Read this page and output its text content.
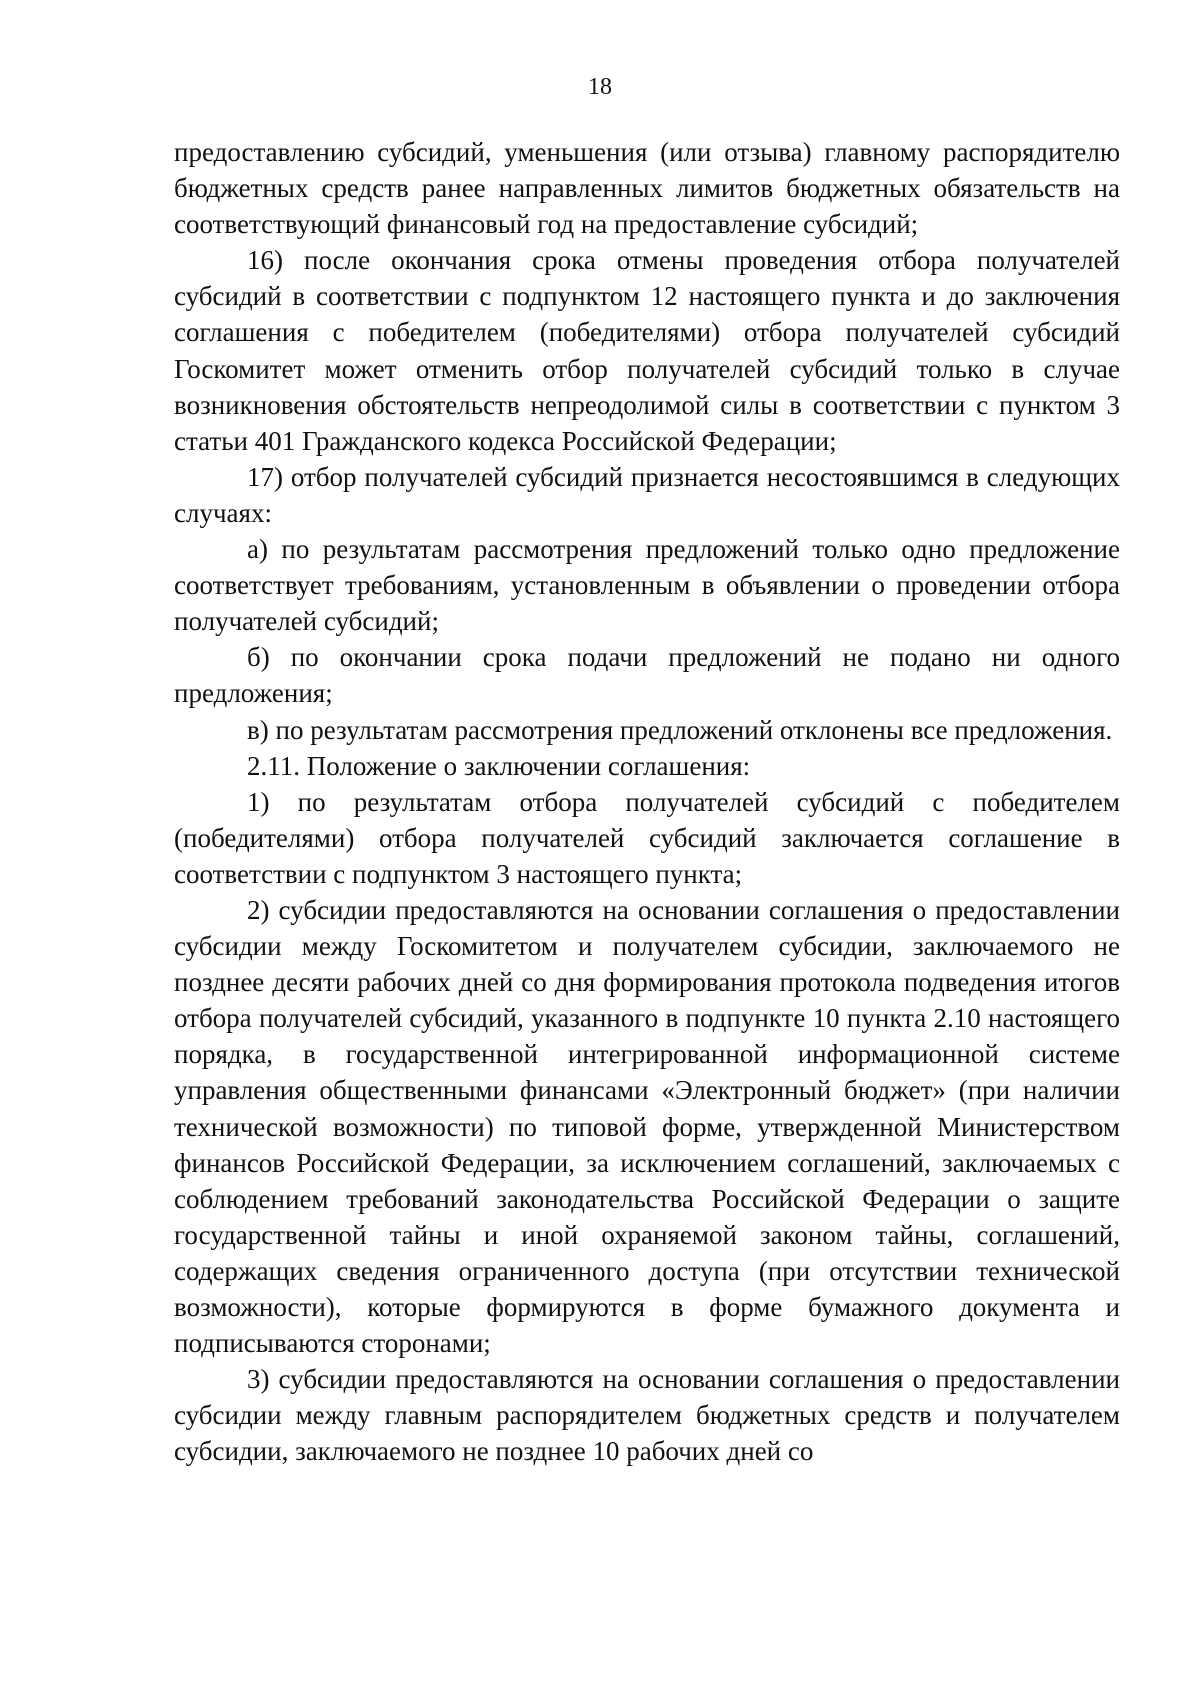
18

предоставлению субсидий, уменьшения (или отзыва) главному распорядителю бюджетных средств ранее направленных лимитов бюджетных обязательств на соответствующий финансовый год на предоставление субсидий;

16) после окончания срока отмены проведения отбора получателей субсидий в соответствии с подпунктом 12 настоящего пункта и до заключения соглашения с победителем (победителями) отбора получателей субсидий Госкомитет может отменить отбор получателей субсидий только в случае возникновения обстоятельств непреодолимой силы в соответствии с пунктом 3 статьи 401 Гражданского кодекса Российской Федерации;

17) отбор получателей субсидий признается несостоявшимся в следующих случаях:

а) по результатам рассмотрения предложений только одно предложение соответствует требованиям, установленным в объявлении о проведении отбора получателей субсидий;

б) по окончании срока подачи предложений не подано ни одного предложения;

в) по результатам рассмотрения предложений отклонены все предложения.

2.11. Положение о заключении соглашения:

1) по результатам отбора получателей субсидий с победителем (победителями) отбора получателей субсидий заключается соглашение в соответствии с подпунктом 3 настоящего пункта;

2) субсидии предоставляются на основании соглашения о предоставлении субсидии между Госкомитетом и получателем субсидии, заключаемого не позднее десяти рабочих дней со дня формирования протокола подведения итогов отбора получателей субсидий, указанного в подпункте 10 пункта 2.10 настоящего порядка, в государственной интегрированной информационной системе управления общественными финансами «Электронный бюджет» (при наличии технической возможности) по типовой форме, утвержденной Министерством финансов Российской Федерации, за исключением соглашений, заключаемых с соблюдением требований законодательства Российской Федерации о защите государственной тайны и иной охраняемой законом тайны, соглашений, содержащих сведения ограниченного доступа (при отсутствии технической возможности), которые формируются в форме бумажного документа и подписываются сторонами;

3) субсидии предоставляются на основании соглашения о предоставлении субсидии между главным распорядителем бюджетных средств и получателем субсидии, заключаемого не позднее 10 рабочих дней со
